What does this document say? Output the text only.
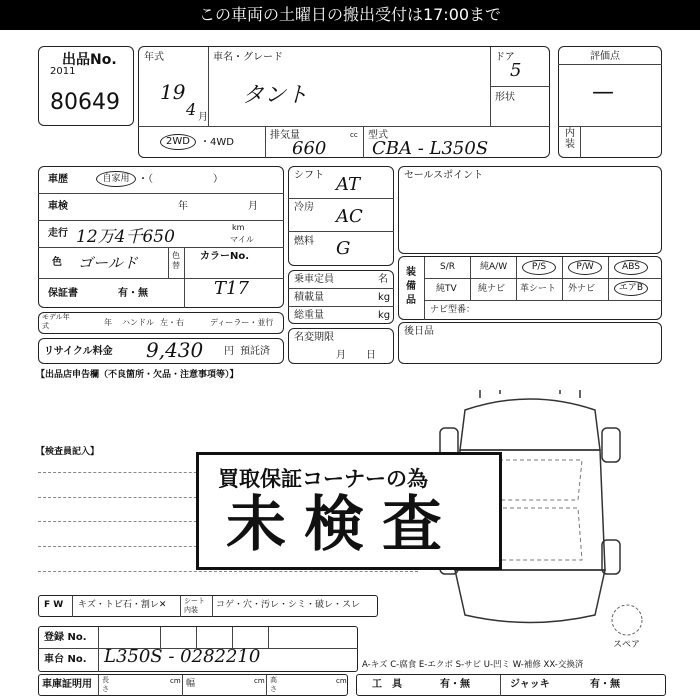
この車両の土曜日の搬出受付は17:00まで
出品No.
2011
80649
年式
19
4 月
車名・グレード
タント
ドア
5
形状
2WD	・4WD
排気量	cc
660
型式
CBA - L350S
評価点
—
内装
車歴	自家用 ・（　　　　　　）
車検	年	月
走行 12万4千650	km
マイル
色 ゴールド	色替
カラーNo.
T17
保証書	有・無
モデル年式	年 ハンドル 左・右	ディーラー・並行
リサイクル料金 9,430 円 預託済
シフト AT
冷房 AC
燃料 G
乗車定員	名
積載量	kg
総重量	kg
名変期限
月　　日
セールスポイント
装備品
S/R	純A/W	P/S	P/W	ABS
純TV 純ナビ 革シート 外ナビ	エアB
ナビ型番：
後日品
【出品店申告欄（不良箇所・欠品・注意事項等）】
【検査員記入】
買取保証コーナーの為
未検査
F W キズ・トビ石・割レ✕	シート内装	コゲ・穴・汚レ・シミ・破レ・スレ
スペア
登録 No.
車台 No. L350S - 0282210
車庫証明用 長さ
cm 幅	cm 高さ
cm
A-キズ C-腐食 E-エクボ S-サビ U-凹ミ W-補修 XX-交換済
工　具	有・無	ジャッキ	有・無
